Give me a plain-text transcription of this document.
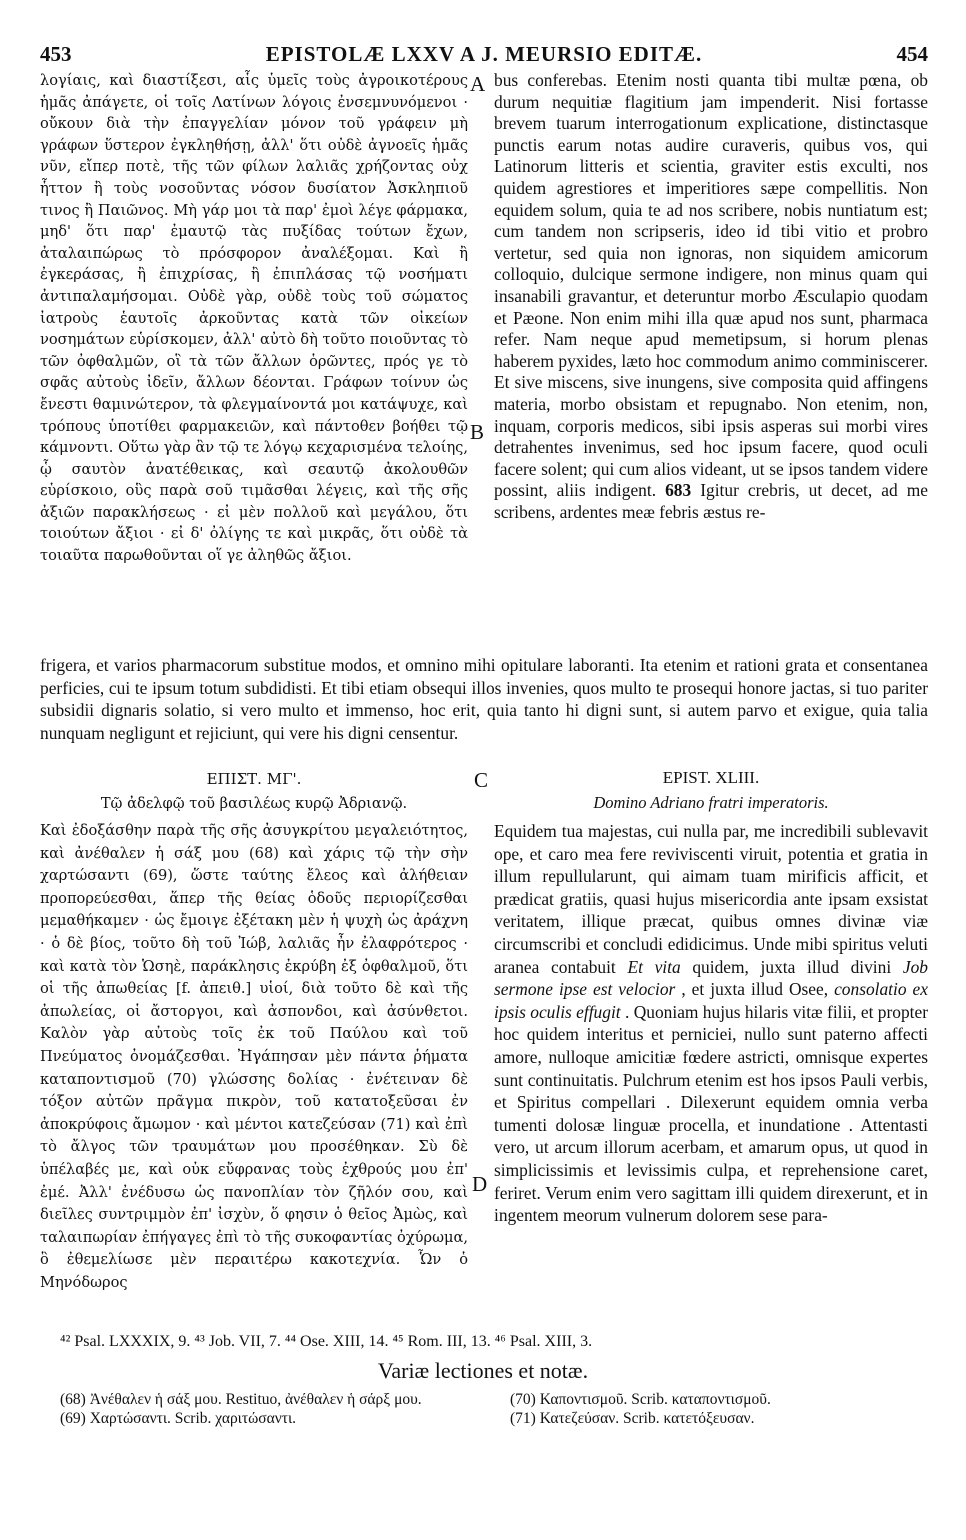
453	EPISTOLÆ LXXV A J. MEURSIO EDITÆ.	454

λογίαις, καὶ διαστίξεσι, αἷς ὑμεῖς τοὺς ἀγροικοτέρους ἡμᾶς ἀπάγετε, οἱ τοῖς Λατίνων λόγοις ἐνσεμνυνόμενοι · οὔκουν διὰ τὴν ἐπαγγελίαν μόνον τοῦ γράφειν μὴ γράφων ὕστερον ἐγκληθήσῃ, ἀλλ' ὅτι οὐδὲ ἀγνοεῖς ἡμᾶς νῦν, εἴπερ ποτὲ, τῆς τῶν φίλων λαλιᾶς χρήζοντας οὐχ ἧττον ἢ τοὺς νοσοῦντας νόσον δυσίατον Ἀσκληπιοῦ τινος ἢ Παιῶνος. Μὴ γάρ μοι τὰ παρ' ἐμοὶ λέγε φάρμακα, μηδ' ὅτι παρ' ἐμαυτῷ τὰς πυξίδας τούτων ἔχων, ἀταλαιπώρως τὸ πρόσφορον ἀναλέξομαι. Καὶ ἢ ἐγκεράσας, ἢ ἐπιχρίσας, ἢ ἐπιπλάσας τῷ νοσήματι ἀντιπαλαμήσομαι. Οὐδὲ γὰρ, οὐδὲ τοὺς τοῦ σώματος ἰατροὺς ἑαυτοῖς ἀρκοῦντας κατὰ τῶν οἰκείων νοσημάτων εὑρίσκομεν, ἀλλ' αὐτὸ δὴ τοῦτο ποιοῦντας τὸ τῶν ὀφθαλμῶν, οἳ τὰ τῶν ἄλλων ὁρῶντες, πρός γε τὸ σφᾶς αὐτοὺς ἰδεῖν, ἄλλων δέονται. Γράφων τοίνυν ὡς ἔνεστι θαμινώτερον, τὰ φλεγμαίνοντά μοι κατάψυχε, καὶ τρόπους ὑποτίθει φαρμακειῶν, καὶ πάντοθεν βοήθει τῷ κάμνοντι. Οὕτω γὰρ ἂν τῷ τε λόγῳ κεχαρισμένα τελοίης, ᾧ σαυτὸν ἀνατέθεικας, καὶ σεαυτῷ ἀκολουθῶν εὑρίσκοιο, οὓς παρὰ σοῦ τιμᾶσθαι λέγεις, καὶ τῆς σῆς ἀξιῶν παρακλήσεως · εἰ μὲν πολλοῦ καὶ μεγάλου, ὅτι τοιούτων ἄξιοι · εἰ δ' ὀλίγης τε καὶ μικρᾶς, ὅτι οὐδὲ τὰ τοιαῦτα παρωθοῦνται οἵ γε ἀληθῶς ἄξιοι.

A
B

bus conferebas. Etenim nosti quanta tibi multæ pœna, ob durum nequitiæ flagitium jam impenderit. Nisi fortasse brevem tuarum interrogationum explicatione, distinctasque punctis earum notas audire curaveris, quibus vos, qui Latinorum litteris et scientia, graviter estis exculti, nos quidem agrestiores et imperitiores sæpe compellitis. Non equidem solum, quia te ad nos scribere, nobis nuntiatum est; cum tandem non scripseris, ideo id tibi vitio et probro vertetur, sed quia non ignoras, non siquidem amicorum colloquio, dulcique sermone indigere, non minus quam qui insanabili gravantur, et deteruntur morbo Æsculapio quodam et Pæone. Non enim mihi illa quæ apud nos sunt, pharmaca refer. Nam neque apud memetipsum, si horum plenas haberem pyxides, læto hoc commodum animo comminiscerer. Et sive miscens, sive inungens, sive composita quid affingens materia, morbo obsistam et repugnabo. Non etenim, non, inquam, corporis medicos, sibi ipsis asperas sui morbi vires detrahentes invenimus, sed hoc ipsum facere, quod oculi facere solent; qui cum alios videant, ut se ipsos tandem videre possint, aliis indigent. 683 Igitur crebris, ut decet, ad me scribens, ardentes meæ febris æstus re-

frigera, et varios pharmacorum substitue modos, et omnino mihi opitulare laboranti. Ita etenim et rationi grata et consentanea perficies, cui te ipsum totum subdidisti. Et tibi etiam obsequi illos invenies, quos multo te prosequi honore jactas, si tuo pariter subsidii dignaris solatio, si vero multo et immenso, hoc erit, quia tanto hi digni sunt, si autem parvo et exigue, quia talia nunquam negligunt et rejiciunt, qui vere his digni censentur.
ΕΠΙΣΤ. ΜΓ'.
Τῷ ἀδελφῷ τοῦ βασιλέως κυρῷ Ἀδριανῷ.
C	EPIST. XLIII.
Domino Adriano fratri imperatoris.

Καὶ ἐδοξάσθην παρὰ τῆς σῆς ἀσυγκρίτου μεγαλειότητος, καὶ ἀνέθαλεν ἡ σάξ μου (68) καὶ χάρις τῷ τὴν σὴν χαρτώσαντι (69), ὥστε ταύτης ἔλεος καὶ ἀλήθειαν προπορεύεσθαι, ἅπερ τῆς θείας ὁδοῦς περιορίζεσθαι μεμαθήκαμεν · ὡς ἔμοιγε ἐξέτακη μὲν ἡ ψυχὴ ὡς ἀράχνη · ὁ δὲ βίος, τοῦτο δὴ τοῦ Ἰώβ, λαλιᾶς ἦν ἐλαφρότερος · καὶ κατὰ τὸν Ὡσηὲ, παράκλησις ἐκρύβη ἐξ ὀφθαλμοῦ, ὅτι οἱ τῆς ἀπωθείας [f. ἀπειθ.] υἱοί, διὰ τοῦτο δὲ καὶ τῆς ἀπωλείας, οἱ ἄστοργοι, καὶ ἀσπονδοι, καὶ ἀσύνθετοι. Καλὸν γὰρ αὐτοὺς τοῖς ἐκ τοῦ Παύλου καὶ τοῦ Πνεύματος ὀνομάζεσθαι. Ἠγάπησαν μὲν πάντα ῥήματα καταποντισμοῦ (70) γλώσσης δολίας · ἐνέτειναν δὲ τόξον αὐτῶν πρᾶγμα πικρὸν, τοῦ κατατοξεῦσαι ἐν ἀποκρύφοις ἄμωμον · καὶ μέντοι κατεζεύσαν (71) καὶ ἐπὶ τὸ ἄλγος τῶν τραυμάτων μου προσέθηκαν. Σὺ δὲ ὑπέλαβές με, καὶ οὐκ εὔφρανας τοὺς ἐχθρούς μου ἐπ' ἐμέ. Ἀλλ' ἐνέδυσω ὡς πανοπλίαν τὸν ζῆλόν σου, καὶ διεῖλες συντριμμὸν ἐπ' ἰσχὺν, ὅ φησιν ὁ θεῖος Ἀμὼς, καὶ ταλαιπωρίαν ἐπήγαγες ἐπὶ τὸ τῆς συκοφαντίας ὀχύρωμα, ὃ ἐθεμελίωσε μὲν περαιτέρω κακοτεχνία. Ὧν ὁ Μηνόδωρος

D

Equidem tua majestas, cui nulla par, me incredibili sublevavit ope, et caro mea fere reviviscenti viruit, potentia et gratia in illum repullularunt, qui aimam tuam mirificis afficit, et prædicat gratiis, quasi hujus misericordia ante ipsam exsistat veritatem, illique præcat, quibus omnes divinæ viæ circumscribi et concludi edidicimus. Unde mibi spiritus veluti aranea contabuit Et vita quidem, juxta illud divini Job sermone ipse est velocior , et juxta illud Osee, consolatio ex ipsis oculis effugit . Quoniam hujus hilaris vitæ filii, et propter hoc quidem interitus et perniciei, nullo sunt paterno affecti amore, nulloque amicitiæ fœdere astricti, omnisque expertes sunt continuitatis. Pulchrum etenim est hos ipsos Pauli verbis, et Spiritus compellari . Dilexerunt equidem omnia verba tumenti dolosæ linguæ procella, et inundatione . Attentasti vero, ut arcum illorum acerbam, et amarum opus, ut quod in simplicissimis et levissimis culpa, et reprehensione caret, feriret. Verum enim vero sagittam illi quidem direxerunt, et in ingentem meorum vulnerum dolorem sese para-

⁴² Psal. LXXXIX, 9. ⁴³ Job. VII, 7. ⁴⁴ Osе. XIII, 14. ⁴⁵ Rom. III, 13. ⁴⁶ Psal. XIII, 3.
Variæ lectiones et notæ.
(68) Ἀνέθαλεν ἡ σάξ μου. Restituo, ἀνέθαλεν ἡ σάρξ μου.
(69) Χαρτώσαντι. Scrib. χαριτώσαντι.
(70) Καποντισμοῦ. Scrib. καταποντισμοῦ.
(71) Κατεζεύσαν. Scrib. κατετόξευσαν.
